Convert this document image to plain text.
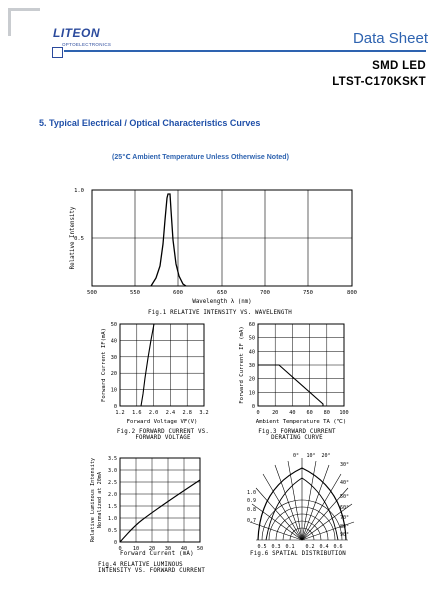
LITEON
OPTOELECTRONICS	Data Sheet
SMD LED
LTST-C170KSKT
5. Typical Electrical / Optical Characteristics Curves
(25℃ Ambient Temperature Unless Otherwise Noted)
1.0
0.5
500	550	600	650	700	750	800
Wavelength λ (nm)
Relative Intensity
Fig.1 RELATIVE INTENSITY VS. WAVELENGTH
50
40
30
20
10
0
1.2 1.6 2.0 2.4 2.8 3.2
Forward Voltage VF(V)
Forward Current IF(mA)
Fig.2 FORWARD CURRENT VS.
FORWARD VOLTAGE
60
50
40
30
20
10
0
0 20 40 60 80 100
Ambient Temperature TA (℃)
Forward Current IF (mA)
Fig.3 FORWARD CURRENT
DERATING CURVE
3.5
3.0
2.5
2.0
1.5
1.0
0.5
0
0 10 20 30 40 50
Relative Luminous Intensity Normalized at 20mA
Forward Current (mA)
Fig.4 RELATIVE LUMINOUS
INTENSITY VS. FORWARD CURRENT
0° 10° 20°
30°
40°
50°
60°
70°
80°
90°
1.0
0.9
0.8
0.7
0.5 0.3 0.1 0.2 0.4 0.6
Fig.6 SPATIAL DISTRIBUTION
